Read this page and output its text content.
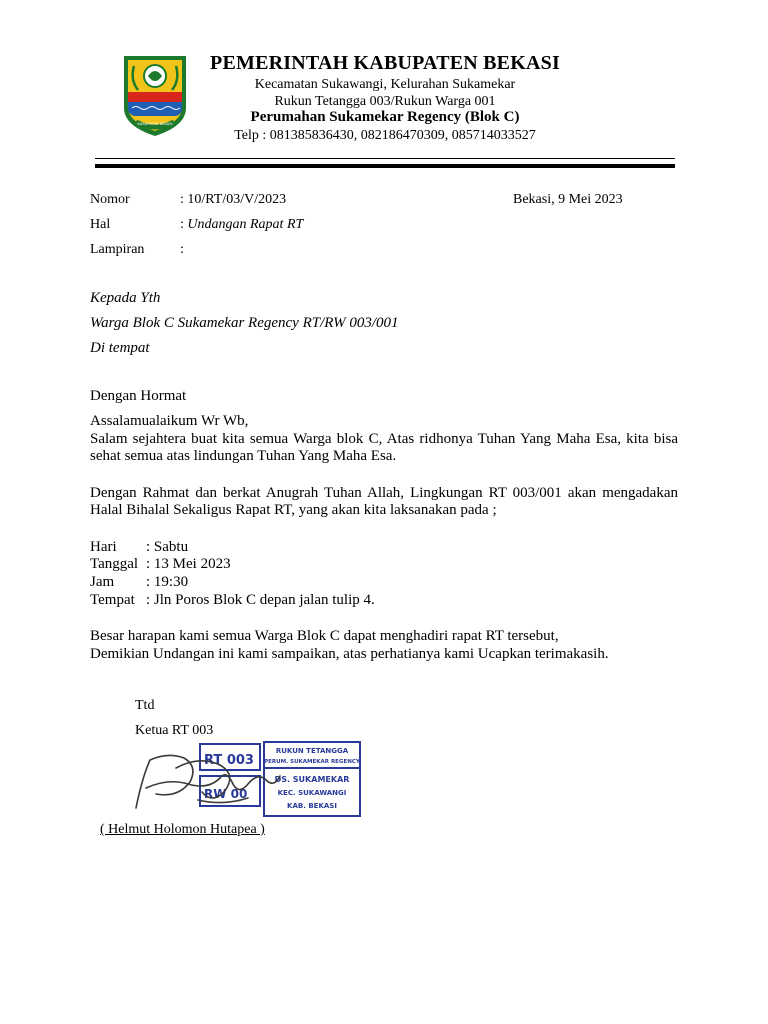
KABUPATEN BEKASI
PEMERINTAH KABUPATEN BEKASI
Kecamatan Sukawangi, Kelurahan Sukamekar
Rukun Tetangga 003/Rukun Warga 001
Perumahan Sukamekar Regency (Blok C)
Telp : 081385836430, 082186470309, 085714033527
Nomor	: 10/RT/03/V/2023	Bekasi, 9 Mei 2023
Hal	: Undangan Rapat RT
Lampiran	:
Kepada Yth
Warga Blok C Sukamekar Regency RT/RW 003/001
Di tempat
Dengan Hormat
Assalamualaikum Wr Wb,
Salam sejahtera buat kita semua Warga blok C, Atas ridhonya Tuhan Yang Maha Esa, kita bisa sehat semua atas lindungan Tuhan Yang Maha Esa.
Dengan Rahmat dan berkat Anugrah Tuhan Allah, Lingkungan RT 003/001 akan mengadakan Halal Bihalal Sekaligus Rapat RT, yang akan kita laksanakan pada ;
Hari : Sabtu
Tanggal : 13 Mei 2023
Jam : 19:30
Tempat : Jln Poros Blok C depan jalan tulip 4.
Besar harapan kami semua Warga Blok C dapat menghadiri rapat RT tersebut,
Demikian Undangan ini kami sampaikan, atas perhatianya kami Ucapkan terimakasih.
Ttd
Ketua RT 003
RT 003
RW 00
RUKUN TETANGGA
PERUM. SUKAMEKAR REGENCY
DS. SUKAMEKAR
KEC. SUKAWANGI
KAB. BEKASI
( Helmut Holomon Hutapea )
